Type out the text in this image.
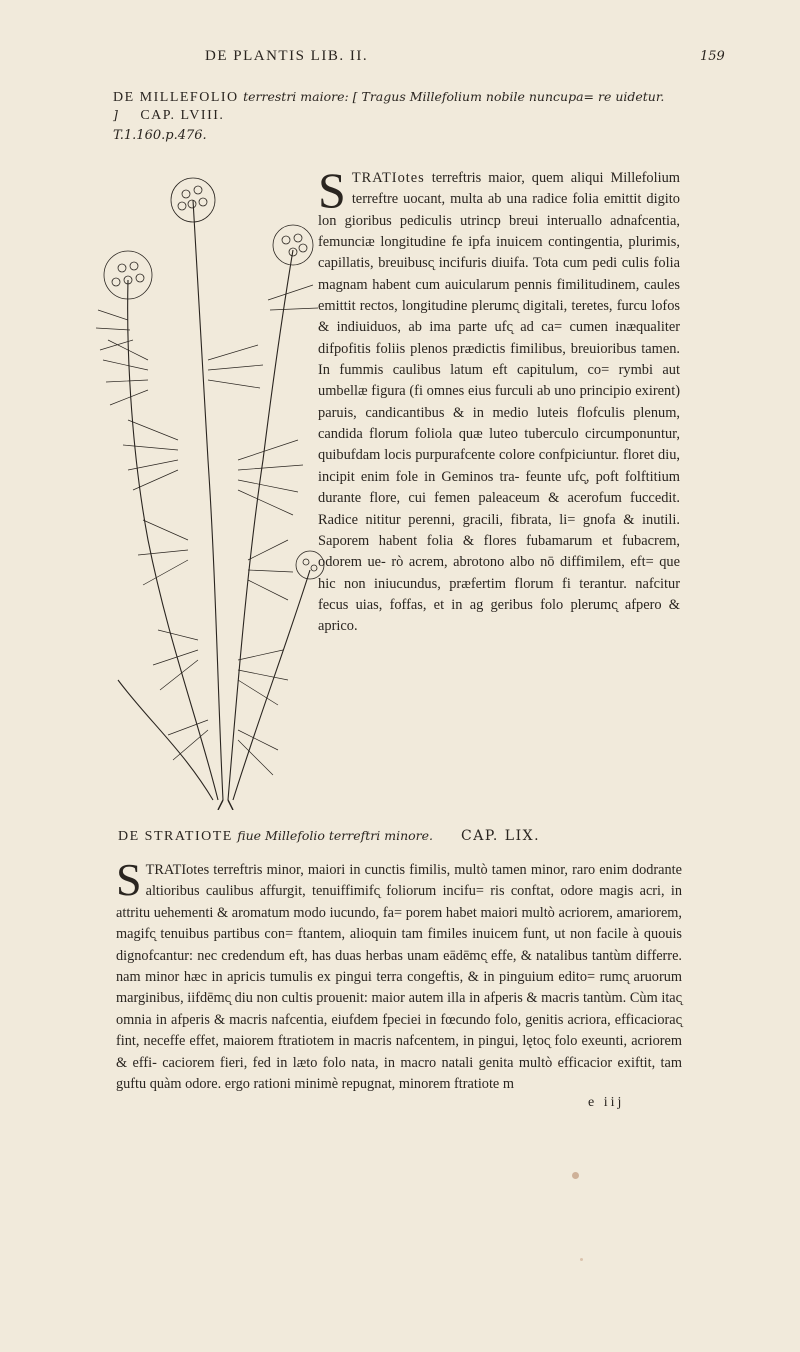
DE PLANTIS LIB. II.	159
DE MILLEFOLIO terrestri maiore: [ Tragus Millefolium nobile nuncupa= re uidetur. ] CAP. LVIII.
T.1.160.p.476.
S TRATIotes terreftris maior, quem aliqui Millefolium terreftre uocant, multa ab una radice folia emittit digito lon gioribus pediculis utrincp breui interuallo adnafcentia, femunciæ longitudine fe ipfa inuicem contingentia, plurimis, capillatis, breuibusc̨ incifuris diuifa. Tota cum pedi culis folia magnam habent cum auicularum pennis fimilitudinem, caules emittit rectos, longitudine plerumc̨ digitali, teretes, furcu lofos & indiuiduos, ab ima parte ufc̨ ad ca= cumen inæqualiter difpofitis foliis plenos prædictis fimilibus, breuioribus tamen. In fummis caulibus latum eft capitulum, co= rymbi aut umbellæ figura (fi omnes eius furculi ab uno principio exirent) paruis, candicantibus & in medio luteis flofculis plenum, candida florum foliola quæ luteo tuberculo circumponuntur, quibufdam locis purpurafcente colore confpiciuntur. floret diu, incipit enim fole in Geminos tra- feunte ufc̨, poft folftitium durante flore, cui femen paleaceum & acerofum fuccedit. Radice nititur perenni, gracili, fibrata, li= gnofa & inutili. Saporem habent folia & flores fubamarum et fubacrem, odorem ue- rò acrem, abrotono albo nō diffimilem, eft= que hic non iniucundus, præfertim florum fi terantur. nafcitur fecus uias, foffas, et in ag geribus folo plerumc̨ afpero & aprico.
DE STRATIOTE fiue Millefolio terreftri minore. CAP. LIX.
S TRATIotes terreftris minor, maiori in cunctis fimilis, multò tamen minor, raro enim dodrante altioribus caulibus affurgit, tenuiffimifc̨ foliorum incifu= ris conftat, odore magis acri, in attritu uehementi & aromatum modo iucundo, fa= porem habet maiori multò acriorem, amariorem, magifc̨ tenuibus partibus con= ftantem, alioquin tam fimiles inuicem funt, ut non facile à quouis dignofcantur: nec credendum eft, has duas herbas unam eādēmc̨ effe, & natalibus tantùm differre. nam minor hæc in apricis tumulis ex pingui terra congeftis, & in pinguium edito= rumc̨ aruorum marginibus, iifdēmc̨ diu non cultis prouenit: maior autem illa in afperis & macris tantùm. Cùm itac̨ omnia in afperis & macris nafcentia, eiufdem fpeciei in fœcundo folo, genitis acriora, efficaciorac̨ fint, neceffe effet, maiorem ftratiotem in macris nafcentem, in pingui, lętoc̨ folo exeunti, acriorem & effi- caciorem fieri, fed in læto folo nata, in macro natali genita multò efficacior exiftit, tam guftu quàm odore. ergo rationi minimè repugnat, minorem ftratiote m
e iij
